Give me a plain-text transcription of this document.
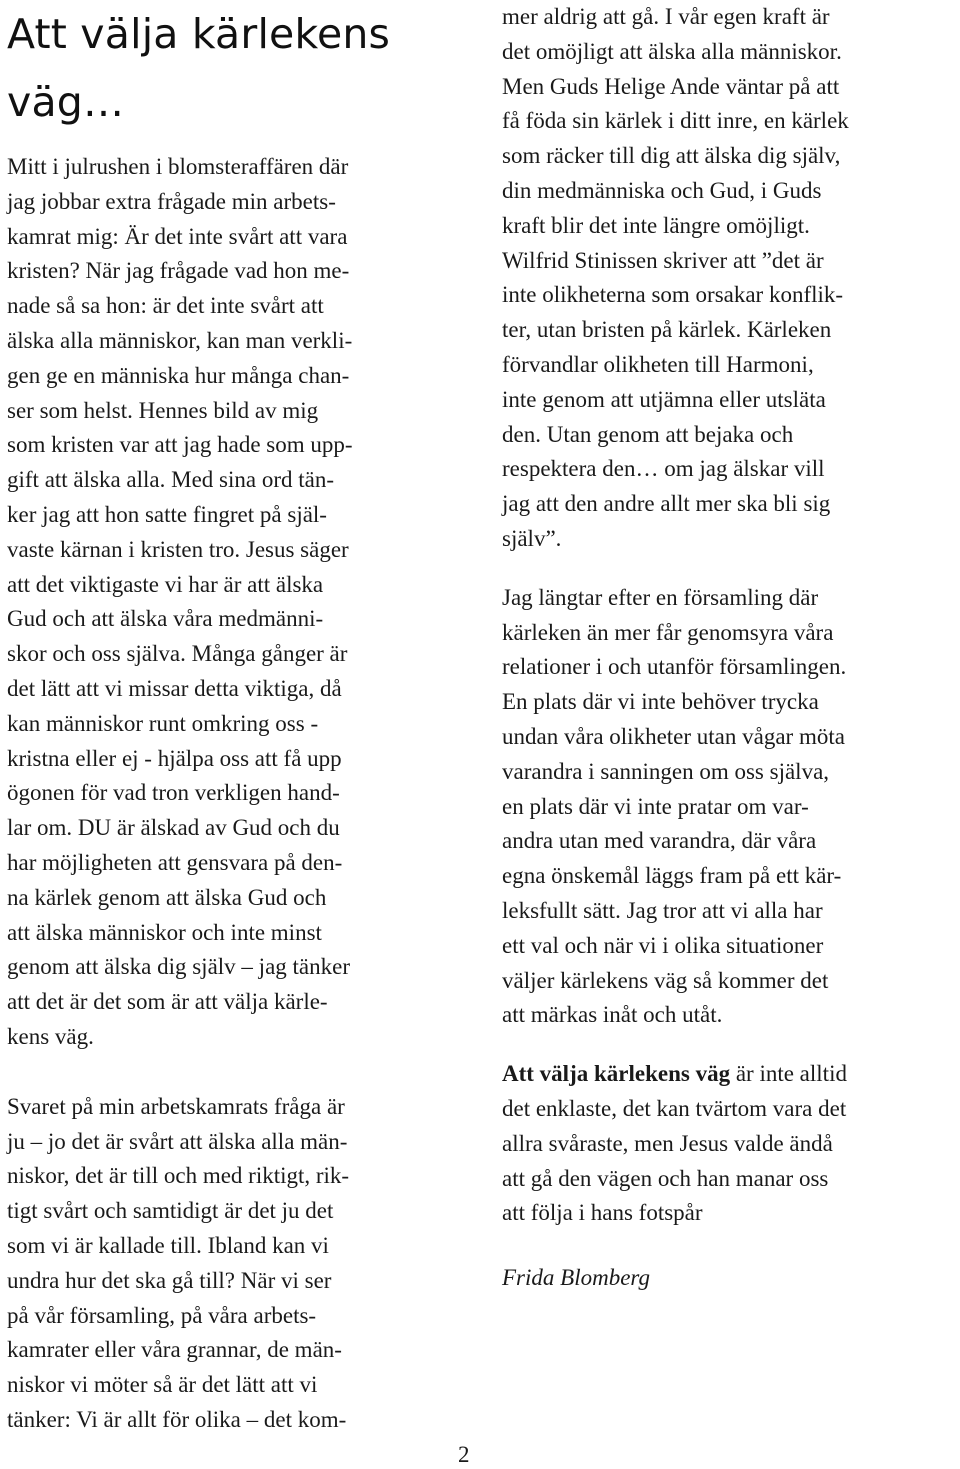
Att välja kärlekens
väg…

Mitt i julrushen i blomsteraffären där
jag jobbar extra frågade min arbets-
kamrat mig: Är det inte svårt att vara
kristen? När jag frågade vad hon me-
nade så sa hon: är det inte svårt att
älska alla människor, kan man verkli-
gen ge en människa hur många chan-
ser som helst. Hennes bild av mig
som kristen var att jag hade som upp-
gift att älska alla. Med sina ord tän-
ker jag att hon satte fingret på själ-
vaste kärnan i kristen tro. Jesus säger
att det viktigaste vi har är att älska
Gud och att älska våra medmänni-
skor och oss själva. Många gånger är
det lätt att vi missar detta viktiga, då
kan människor runt omkring oss -
kristna eller ej - hjälpa oss att få upp
ögonen för vad tron verkligen hand-
lar om. DU är älskad av Gud och du
har möjligheten att gensvara på den-
na kärlek genom att älska Gud och
att älska människor och inte minst
genom att älska dig själv – jag tänker
att det är det som är att välja kärle-
kens väg.

Svaret på min arbetskamrats fråga är
ju – jo det är svårt att älska alla män-
niskor, det är till och med riktigt, rik-
tigt svårt och samtidigt är det ju det
som vi är kallade till. Ibland kan vi
undra hur det ska gå till? När vi ser
på vår församling, på våra arbets-
kamrater eller våra grannar, de män-
niskor vi möter så är det lätt att vi
tänker: Vi är allt för olika – det kom-

mer aldrig att gå. I vår egen kraft är
det omöjligt att älska alla människor.
Men Guds Helige Ande väntar på att
få föda sin kärlek i ditt inre, en kärlek
som räcker till dig att älska dig själv,
din medmänniska och Gud, i Guds
kraft blir det inte längre omöjligt.
Wilfrid Stinissen skriver att ”det är
inte olikheterna som orsakar konflik-
ter, utan bristen på kärlek. Kärleken
förvandlar olikheten till Harmoni,
inte genom att utjämna eller utsläta
den. Utan genom att bejaka och
respektera den… om jag älskar vill
jag att den andre allt mer ska bli sig
själv”.

Jag längtar efter en församling där
kärleken än mer får genomsyra våra
relationer i och utanför församlingen.
En plats där vi inte behöver trycka
undan våra olikheter utan vågar möta
varandra i sanningen om oss själva,
en plats där vi inte pratar om var-
andra utan med varandra, där våra
egna önskemål läggs fram på ett kär-
leksfullt sätt. Jag tror att vi alla har
ett val och när vi i olika situationer
väljer kärlekens väg så kommer det
att märkas inåt och utåt.

Att välja kärlekens väg är inte alltid
det enklaste, det kan tvärtom vara det
allra svåraste, men Jesus valde ändå
att gå den vägen och han manar oss
att följa i hans fotspår

Frida Blomberg

2
